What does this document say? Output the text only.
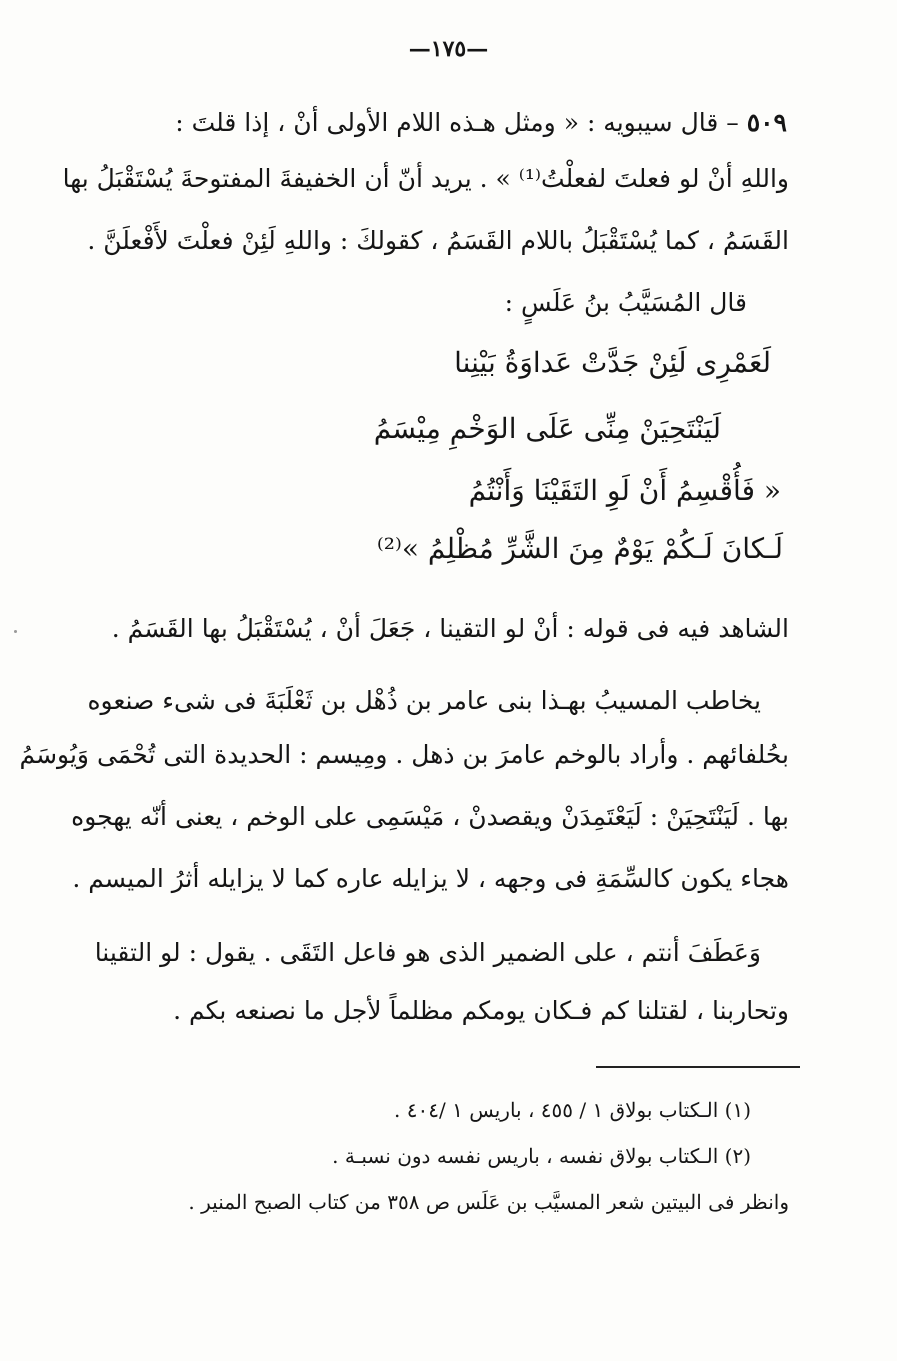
—١٧٥—
٥٠٩ – قال سيبويه : « ومثل هـذه اللام الأولى أنْ ، إذا قلتَ :
واللهِ أنْ لو فعلتَ لفعلْتُ⁽¹⁾ » . يريد أنّ أن الخفيفةَ المفتوحةَ يُسْتَقْبَلُ بها
القَسَمُ ، كما يُسْتَقْبَلُ باللام القَسَمُ ، كقولكَ : واللهِ لَئِنْ فعلْتَ لأَفْعلَنَّ .
قال المُسَيَّبُ بنُ عَلَسٍ :
لَعَمْرِى لَئِنْ جَدَّتْ عَداوَةُ بَيْنِنا
لَيَنْتَحِيَنْ مِنِّى عَلَى الوَخْمِ مِيْسَمُ
« فَأُقْسِمُ أَنْ لَوِ التَقَيْنَا وَأَنْتُمُ
لَـكانَ لَـكُمْ يَوْمٌ مِنَ الشَّرِّ مُظْلِمُ »⁽²⁾
الشاهد فيه فى قوله : أنْ لو التقينا ، جَعَلَ أنْ ، يُسْتَقْبَلُ بها القَسَمُ .
يخاطب المسيبُ بهـذا بنى عامر بن ذُهْل بن ثَعْلَبَةَ فى شىء صنعوه
بحُلفائهم . وأراد بالوخم عامرَ بن ذهل . ومِيسم : الحديدة التى تُحْمَى وَيُوسَمُ
بها . لَيَنْتَحِيَنْ : لَيَعْتَمِدَنْ ويقصدنْ ، مَيْسَمِى على الوخم ، يعنى أنّه يهجوه
هجاء يكون كالسِّمَةِ فى وجهه ، لا يزايله عاره كما لا يزايله أثرُ الميسم .
وَعَطَفَ أنتم ، على الضمير الذى هو فاعل التَقَى . يقول : لو التقينا
وتحاربنا ، لقتلنا كم فـكان يومكم مظلماً لأجل ما نصنعه بكم .
(١) الـكتاب بولاق ١ / ٤٥٥ ، باريس ١ /٤٠٤ .
(٢) الـكتاب بولاق نفسه ، باريس نفسه دون نسبـة .
وانظر فى البيتين شعر المسيَّب بن عَلَس ص ٣٥٨ من كتاب الصبح المنير .
